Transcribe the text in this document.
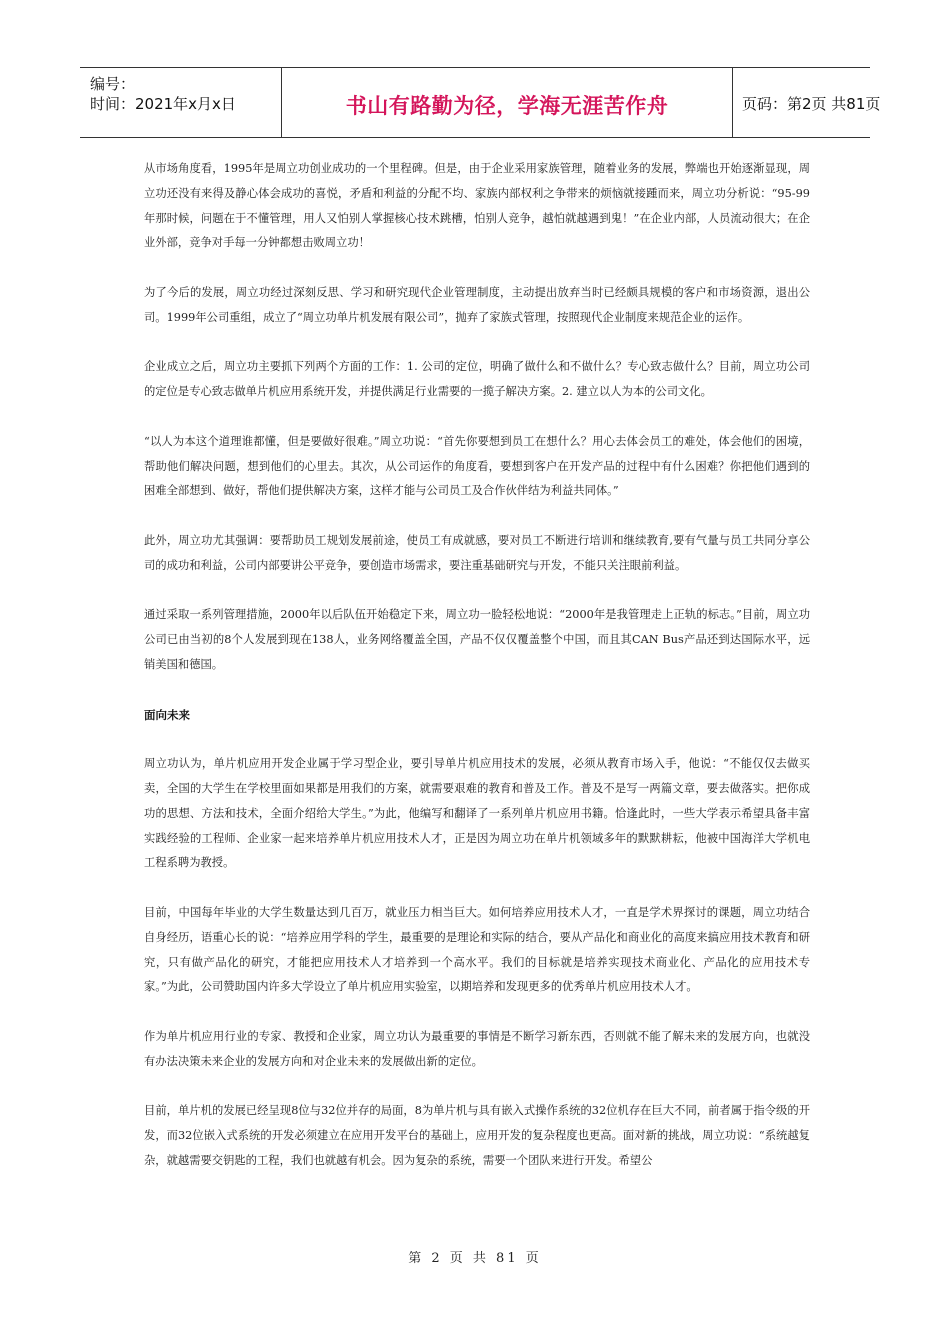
编号：
时间：2021年x月x日	书山有路勤为径，学海无涯苦作舟	页码：第2页 共81页

从市场角度看，1995年是周立功创业成功的一个里程碑。但是，由于企业采用家族管理，随着业务的发展，弊端也开始逐渐显现，周立功还没有来得及静心体会成功的喜悦，矛盾和利益的分配不均、家族内部权利之争带来的烦恼就接踵而来，周立功分析说：“95-99年那时候，问题在于不懂管理，用人又怕别人掌握核心技术跳槽，怕别人竞争，越怕就越遇到鬼！”在企业内部，人员流动很大；在企业外部，竞争对手每一分钟都想击败周立功！

为了今后的发展，周立功经过深刻反思、学习和研究现代企业管理制度，主动提出放弃当时已经颇具规模的客户和市场资源，退出公司。1999年公司重组，成立了“周立功单片机发展有限公司”，抛弃了家族式管理，按照现代企业制度来规范企业的运作。

企业成立之后，周立功主要抓下列两个方面的工作：1. 公司的定位，明确了做什么和不做什么？专心致志做什么？目前，周立功公司的定位是专心致志做单片机应用系统开发，并提供满足行业需要的一揽子解决方案。2. 建立以人为本的公司文化。

“以人为本这个道理谁都懂，但是要做好很难。”周立功说：“首先你要想到员工在想什么？用心去体会员工的难处，体会他们的困境，帮助他们解决问题，想到他们的心里去。其次，从公司运作的角度看，要想到客户在开发产品的过程中有什么困难？你把他们遇到的困难全部想到、做好，帮他们提供解决方案，这样才能与公司员工及合作伙伴结为利益共同体。”

此外，周立功尤其强调：要帮助员工规划发展前途，使员工有成就感，要对员工不断进行培训和继续教育,要有气量与员工共同分享公司的成功和利益，公司内部要讲公平竞争，要创造市场需求，要注重基础研究与开发，不能只关注眼前利益。

通过采取一系列管理措施，2000年以后队伍开始稳定下来，周立功一脸轻松地说：“2000年是我管理走上正轨的标志。”目前，周立功公司已由当初的8个人发展到现在138人，业务网络覆盖全国，产品不仅仅覆盖整个中国，而且其CAN Bus产品还到达国际水平，远销美国和德国。

面向未来

周立功认为，单片机应用开发企业属于学习型企业，要引导单片机应用技术的发展，必须从教育市场入手，他说：“不能仅仅去做买卖，全国的大学生在学校里面如果都是用我们的方案，就需要艰难的教育和普及工作。普及不是写一两篇文章，要去做落实。把你成功的思想、方法和技术，全面介绍给大学生。”为此，他编写和翻译了一系列单片机应用书籍。恰逢此时，一些大学表示希望具备丰富实践经验的工程师、企业家一起来培养单片机应用技术人才，正是因为周立功在单片机领域多年的默默耕耘，他被中国海洋大学机电工程系聘为教授。

目前，中国每年毕业的大学生数量达到几百万，就业压力相当巨大。如何培养应用技术人才，一直是学术界探讨的课题，周立功结合自身经历，语重心长的说：“培养应用学科的学生，最重要的是理论和实际的结合，要从产品化和商业化的高度来搞应用技术教育和研究，只有做产品化的研究，才能把应用技术人才培养到一个高水平。我们的目标就是培养实现技术商业化、产品化的应用技术专家。”为此，公司赞助国内许多大学设立了单片机应用实验室，以期培养和发现更多的优秀单片机应用技术人才。

作为单片机应用行业的专家、教授和企业家，周立功认为最重要的事情是不断学习新东西，否则就不能了解未来的发展方向，也就没有办法决策未来企业的发展方向和对企业未来的发展做出新的定位。

目前，单片机的发展已经呈现8位与32位并存的局面，8为单片机与具有嵌入式操作系统的32位机存在巨大不同，前者属于指令级的开发，而32位嵌入式系统的开发必须建立在应用开发平台的基础上，应用开发的复杂程度也更高。面对新的挑战，周立功说：“系统越复杂，就越需要交钥匙的工程，我们也就越有机会。因为复杂的系统，需要一个团队来进行开发。希望公

第 2 页 共 81 页
